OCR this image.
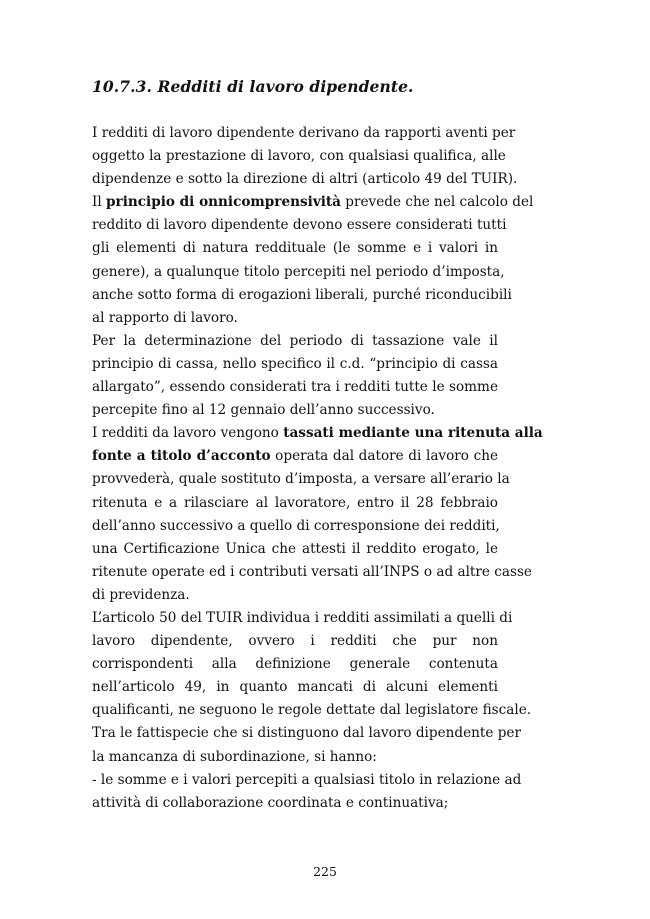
10.7.3. Redditi di lavoro dipendente.
I redditi di lavoro dipendente derivano da rapporti aventi per
oggetto la prestazione di lavoro, con qualsiasi qualifica, alle
dipendenze e sotto la direzione di altri (articolo 49 del TUIR).
Il principio di onnicomprensività prevede che nel calcolo del
reddito di lavoro dipendente devono essere considerati tutti
gli elementi di natura reddituale (le somme e i valori in
genere), a qualunque titolo percepiti nel periodo d’imposta,
anche sotto forma di erogazioni liberali, purché riconducibili
al rapporto di lavoro.
Per la determinazione del periodo di tassazione vale il
principio di cassa, nello specifico il c.d. “principio di cassa
allargato”, essendo considerati tra i redditi tutte le somme
percepite fino al 12 gennaio dell’anno successivo.
I redditi da lavoro vengono tassati mediante una ritenuta alla
fonte a titolo d’acconto operata dal datore di lavoro che
provvederà, quale sostituto d’imposta, a versare all’erario la
ritenuta e a rilasciare al lavoratore, entro il 28 febbraio
dell’anno successivo a quello di corresponsione dei redditi,
una Certificazione Unica che attesti il reddito erogato, le
ritenute operate ed i contributi versati all’INPS o ad altre casse
di previdenza.
L’articolo 50 del TUIR individua i redditi assimilati a quelli di
lavoro dipendente, ovvero i redditi che pur non
corrispondenti alla definizione generale contenuta
nell’articolo 49, in quanto mancati di alcuni elementi
qualificanti, ne seguono le regole dettate dal legislatore fiscale.
Tra le fattispecie che si distinguono dal lavoro dipendente per
la mancanza di subordinazione, si hanno:
- le somme e i valori percepiti a qualsiasi titolo in relazione ad
attività di collaborazione coordinata e continuativa;
225
